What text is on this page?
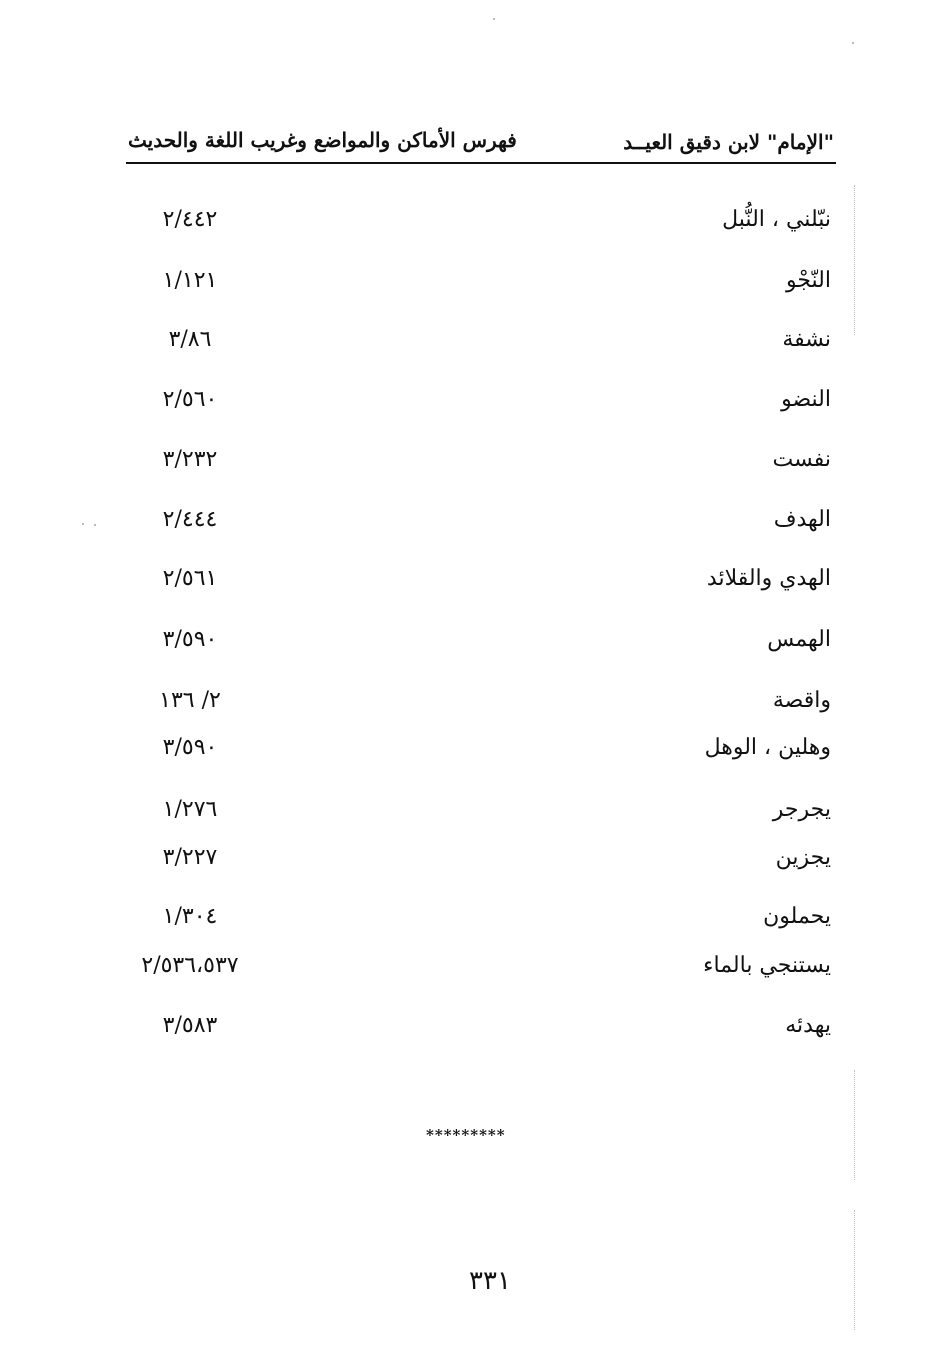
"الإمام" لابن دقيق العيــد
فهرس الأماكن والمواضع وغريب اللغة والحديث
نبّلني ، النُّبل
٢/٤٤٢
النّجْو
١/١٢١
نشفة
٣/٨٦
النضو
٢/٥٦٠
نفست
٣/٢٣٢
الهدف
٢/٤٤٤
الهدي والقلائد
٢/٥٦١
الهمس
٣/٥٩٠
واقصة
٢/ ١٣٦
وهلين ، الوهل
٣/٥٩٠
يجرجر
١/٢٧٦
يجزين
٣/٢٢٧
يحملون
١/٣٠٤
يستنجي بالماء
٢/٥٣٦،٥٣٧
يهدئه
٣/٥٨٣
*********
٣٣١
